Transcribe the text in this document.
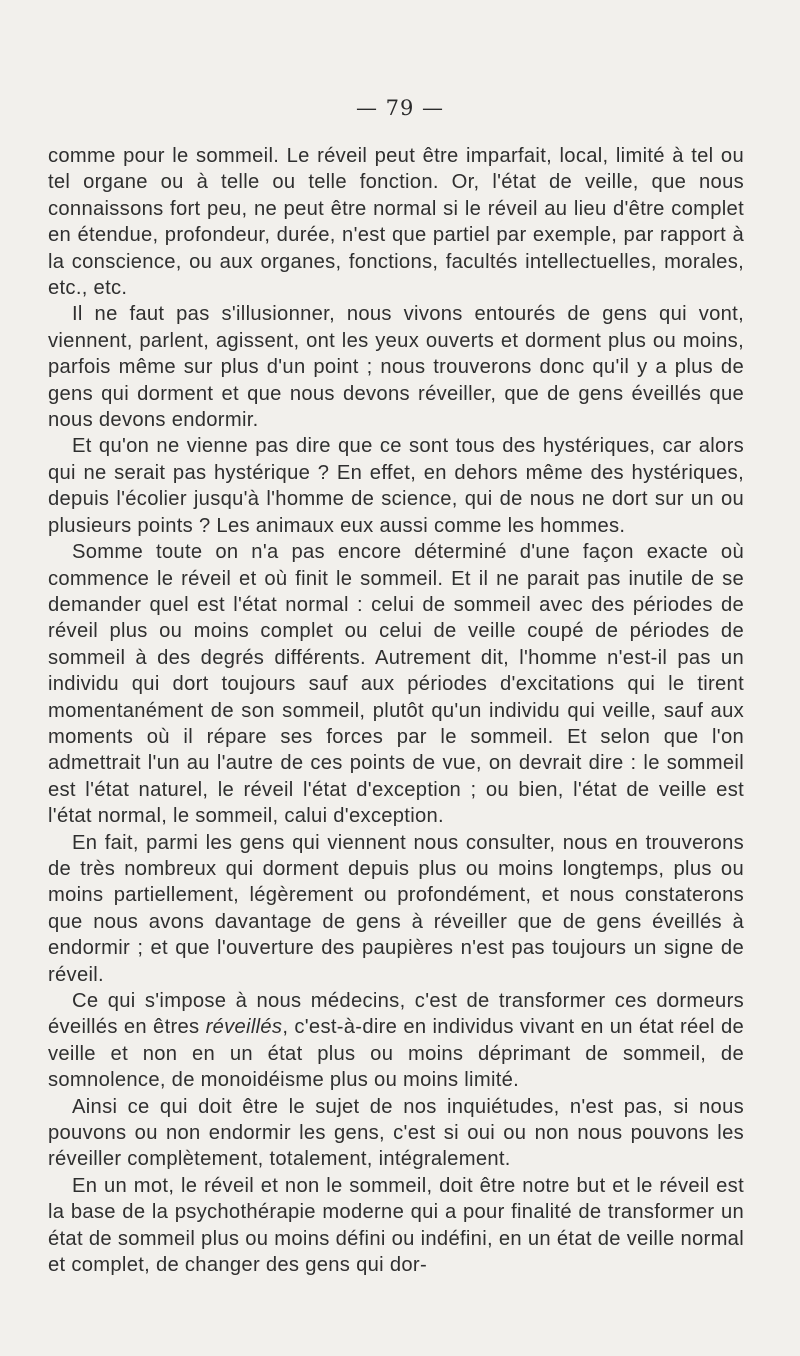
— 79 —

comme pour le sommeil. Le réveil peut être imparfait, local, limité à tel ou tel organe ou à telle ou telle fonction. Or, l'état de veille, que nous connaissons fort peu, ne peut être normal si le réveil au lieu d'être complet en étendue, profondeur, durée, n'est que partiel par exemple, par rapport à la conscience, ou aux organes, fonctions, facultés intellectuelles, morales, etc., etc.

Il ne faut pas s'illusionner, nous vivons entourés de gens qui vont, viennent, parlent, agissent, ont les yeux ouverts et dorment plus ou moins, parfois même sur plus d'un point ; nous trouverons donc qu'il y a plus de gens qui dorment et que nous devons réveiller, que de gens éveillés que nous devons endormir.

Et qu'on ne vienne pas dire que ce sont tous des hystériques, car alors qui ne serait pas hystérique ? En effet, en dehors même des hystériques, depuis l'écolier jusqu'à l'homme de science, qui de nous ne dort sur un ou plusieurs points ? Les animaux eux aussi comme les hommes.

Somme toute on n'a pas encore déterminé d'une façon exacte où commence le réveil et où finit le sommeil. Et il ne parait pas inutile de se demander quel est l'état normal : celui de sommeil avec des périodes de réveil plus ou moins complet ou celui de veille coupé de périodes de sommeil à des degrés différents. Autrement dit, l'homme n'est-il pas un individu qui dort toujours sauf aux périodes d'excitations qui le tirent momentanément de son sommeil, plutôt qu'un individu qui veille, sauf aux moments où il répare ses forces par le sommeil. Et selon que l'on admettrait l'un au l'autre de ces points de vue, on devrait dire : le sommeil est l'état naturel, le réveil l'état d'exception ; ou bien, l'état de veille est l'état normal, le sommeil, calui d'exception.

En fait, parmi les gens qui viennent nous consulter, nous en trouverons de très nombreux qui dorment depuis plus ou moins longtemps, plus ou moins partiellement, légèrement ou profondément, et nous constaterons que nous avons davantage de gens à réveiller que de gens éveillés à endormir ; et que l'ouverture des paupières n'est pas toujours un signe de réveil.

Ce qui s'impose à nous médecins, c'est de transformer ces dormeurs éveillés en êtres réveillés, c'est-à-dire en individus vivant en un état réel de veille et non en un état plus ou moins déprimant de sommeil, de somnolence, de monoidéisme plus ou moins limité.

Ainsi ce qui doit être le sujet de nos inquiétudes, n'est pas, si nous pouvons ou non endormir les gens, c'est si oui ou non nous pouvons les réveiller complètement, totalement, intégralement.

En un mot, le réveil et non le sommeil, doit être notre but et le réveil est la base de la psychothérapie moderne qui a pour finalité de transformer un état de sommeil plus ou moins défini ou indéfini, en un état de veille normal et complet, de changer des gens qui dor-
